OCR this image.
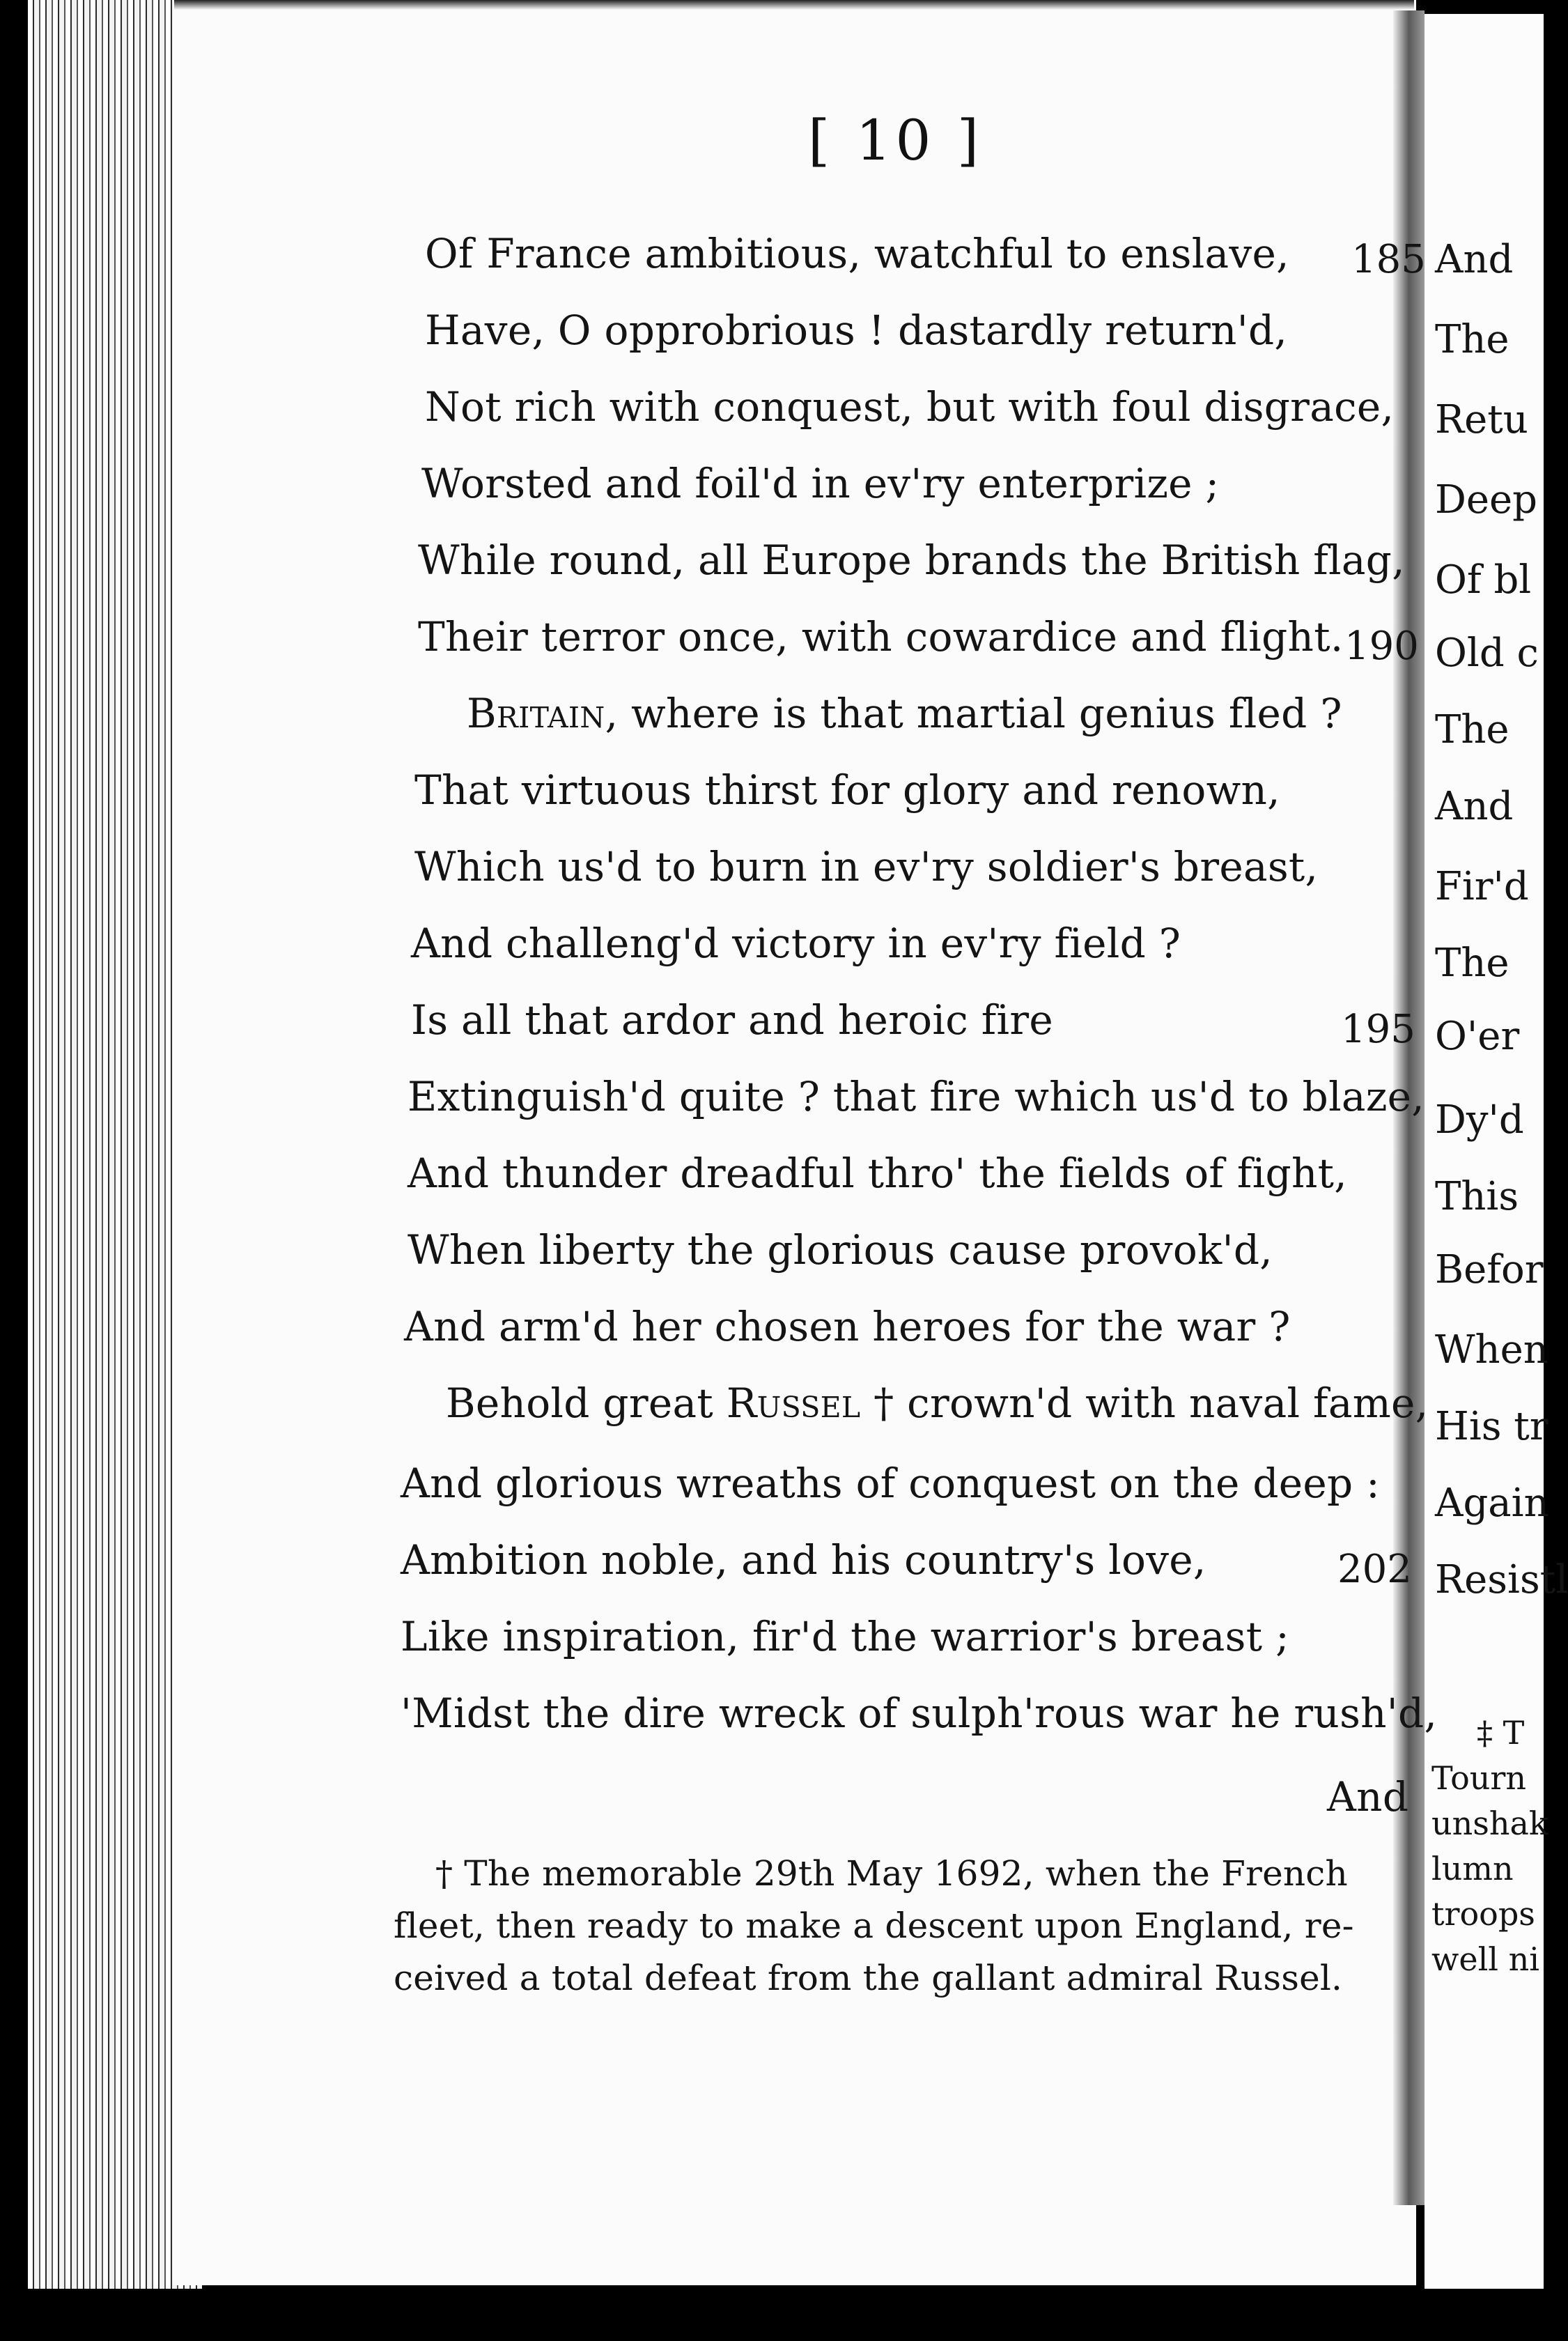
[ 10 ]
Of France ambitious, watchful to enslave, 185
Have, O opprobrious ! dastardly return'd,
Not rich with conquest, but with foul disgrace,
Worsted and foil'd in ev'ry enterprize ;
While round, all Europe brands the British flag,
Their terror once, with cowardice and flight. 190
Britain, where is that martial genius fled ?
That virtuous thirst for glory and renown,
Which us'd to burn in ev'ry soldier's breast,
And challeng'd victory in ev'ry field ?
Is all that ardor and heroic fire	195
Extinguish'd quite ? that fire which us'd to blaze,
And thunder dreadful thro' the fields of fight,
When liberty the glorious cause provok'd,
And arm'd her chosen heroes for the war ?
Behold great Russel † crown'd with naval fame,
And glorious wreaths of conquest on the deep :
Ambition noble, and his country's love,	202
Like inspiration, fir'd the warrior's breast ;
'Midst the dire wreck of sulph'rous war he rush'd,
And
† The memorable 29th May 1692, when the French
fleet, then ready to make a descent upon England, re-
ceived a total defeat from the gallant admiral Russel.
And
The
Retu
Deep
Of bl
Old c
The
And
Fir'd
The
O'er
Dy'd
This
Befor
When
His tr
Again
Resistl
‡ T
Tourn
unshak
lumn
troops
well ni
